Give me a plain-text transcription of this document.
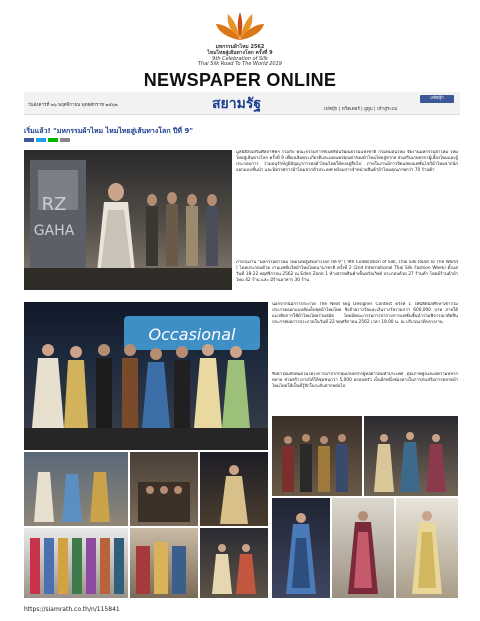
มหกรรมผ้าไหม 2562
ไหมไทยสู่เส้นทางโลก ครั้งที่ 9
9th Celebration of Silk
Thai Silk Road To The World 2019
NEWSPAPER ONLINE
วันอังคารที่ ๒๖ พฤศจิกายน พุทธศักราช ๒๕๖๒	สยามรัฐ	เฟซบุ๊ก
เฟซบุ๊ก | ทวิตเตอร์ | ยูทูบ | เข้าสู่ระบบ
เริ่มแล้ว! "มหกรรมผ้าไหม ไหมไทยสู่เส้นทางโลก ปีที่ 9"
RZ
GAHA
มูลนิธิส่งเสริมศิลปาชีพฯ ร่วมกับ คณะกรรมการขับเคลื่อนวัฒนธรรมแห่งชาติ กรมหม่อนไหม จัดงานมหกรรมผ้าไหม ไหมไทยสู่เส้นทางโลก ครั้งที่ 9 เพื่อเฉลิมพระเกียรติและเผยแพร่คุณค่าของผ้าไหมไทยสู่สากล ส่งเสริมเกษตรกรผู้เลี้ยงไหมและผู้ประกอบการ ร่วมอนุรักษ์ภูมิปัญญาการทอผ้าไหมไทยให้คงอยู่สืบไป ภายในงานมีการจัดแสดงแฟชั่นโชว์ผ้าไหมจากนักออกแบบชั้นนำ และนิทรรศการผ้าไหมจากทั่วประเทศ พร้อมการจำหน่ายสินค้าผ้าไหมคุณภาพกว่า 70 ร้านค้า
ภายในงาน "มหกรรมผ้าไหม ไหมไทยสู่เส้นทางโลก ปีที่ 9" ( 9th Celebration of Silk, Thai Silk Road To The World ) โดยประกอบด้วย งานแฟชั่นวีคผ้าไหมไทยนานาชาติ ครั้งที่ 2 (2nd International Thai Silk Fashion Week) ตั้งแต่วันที่ 18-22 พฤศจิกายน 2562 ณ Eden Zone 1 ห้างสรรพสินค้าเซ็นทรัลเวิลด์ ประกอบด้วย 27 ร้านค้า โดยมีร้านค้าผ้าไหม 42 ร้าน และ มีร้านอาหาร 30 ร้าน
Occasional
นอกจากนี้มีการประกวด The Next Big Designer Contest ครั้งที่ 1 ให้นิสิตนักศึกษาเข้าร่วมประกวดออกแบบตัดเย็บชุดผ้าไหมไทย ชิงถ้วยรางวัลและเงินรางวัลรวมกว่า 600,000 บาท ภายใต้แนวคิดการใช้ผ้าไหมไทยร่วมสมัย โดยมีคณะกรรมการจากวงการแฟชั่นชั้นนำร่วมพิจารณาตัดสิน ประกาศผลการประกวดในวันที่ 22 พฤศจิกายน 2562 เวลา 19.00 น. ณ บริเวณเวทีกลางงาน
ซึ่งผ้าไหมทั้งหมดในโครงการมาจากกลุ่มเกษตรกรผู้ทอผ้าไหมทั่วประเทศ คุณภาพสูงและมีความหลากหลาย ช่วยสร้างรายได้ให้ชุมชนกว่า 5,000 ครอบครัว เป็นอีกหนึ่งช่องทางในการส่งเสริมการตลาดผ้าไหมไทยให้เป็นที่รู้จักในระดับสากลต่อไป
https://siamrath.co.th/n/115841
